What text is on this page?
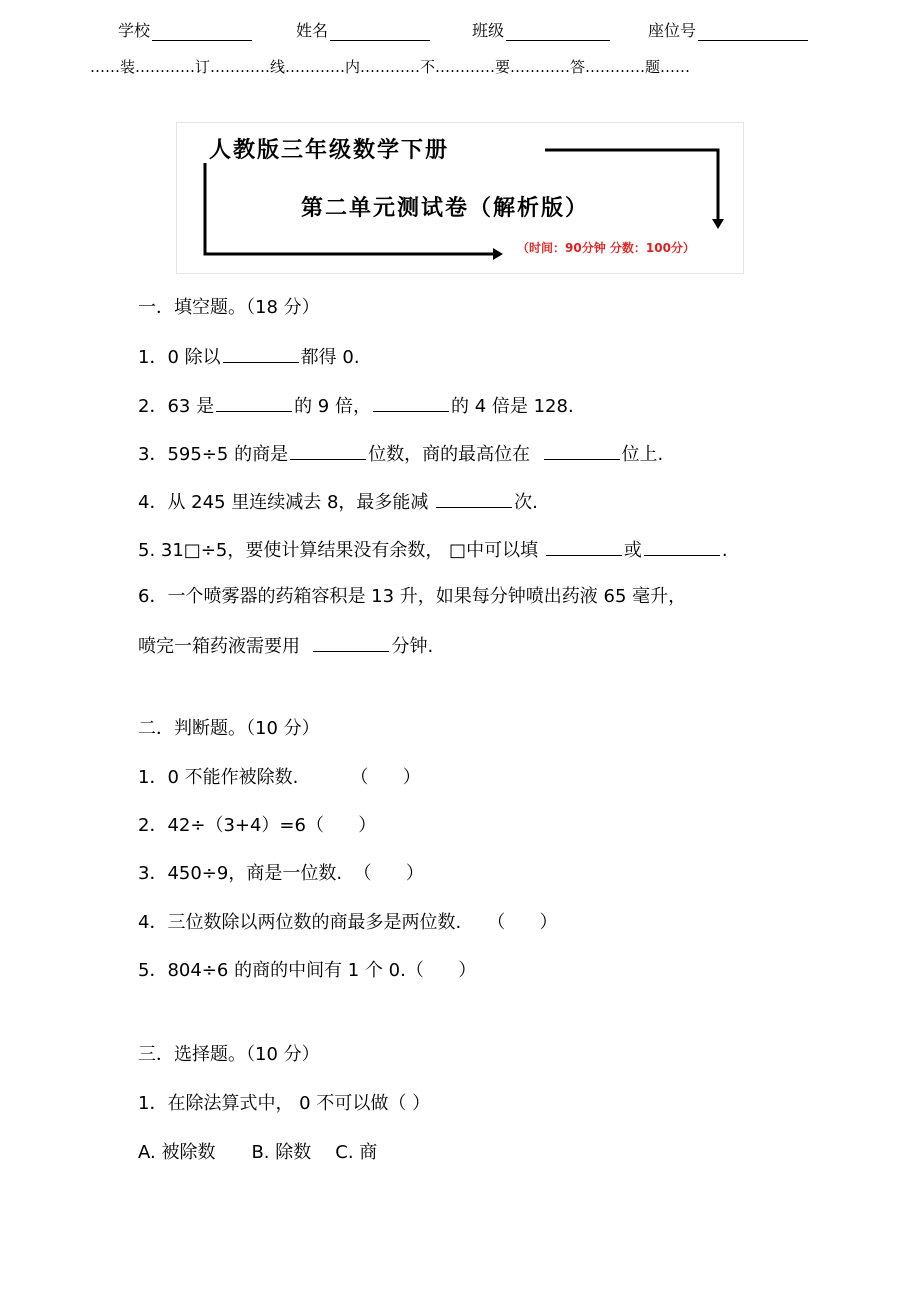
学校	姓名	班级	座位号
……装…………订…………线…………内…………不…………要…………答…………题……
人教版三年级数学下册
第二单元测试卷（解析版）
（时间：90分钟 分数：100分）
一．填空题。（18 分）
1．0 除以	都得 0.
2．63 是	的 9 倍，	的 4 倍是 128.
3．595÷5 的商是	位数，商的最高位在	位上.
4．从 245 里连续减去 8，最多能减	次.
5. 31□÷5，要使计算结果没有余数， □中可以填	或	.
6．一个喷雾器的药箱容积是 13 升，如果每分钟喷出药液 65 毫升，
喷完一箱药液需要用	分钟.
二．判断题。（10 分）
1．0 不能作被除数.	（      ）
2．42÷（3+4）=6（      ）
3．450÷9，商是一位数. （      ）
4．三位数除以两位数的商最多是两位数. （      ）
5．804÷6 的商的中间有 1 个 0.（      ）
三．选择题。（10 分）
1．在除法算式中， 0 不可以做（ ）
A. 被除数 B. 除数 C. 商
